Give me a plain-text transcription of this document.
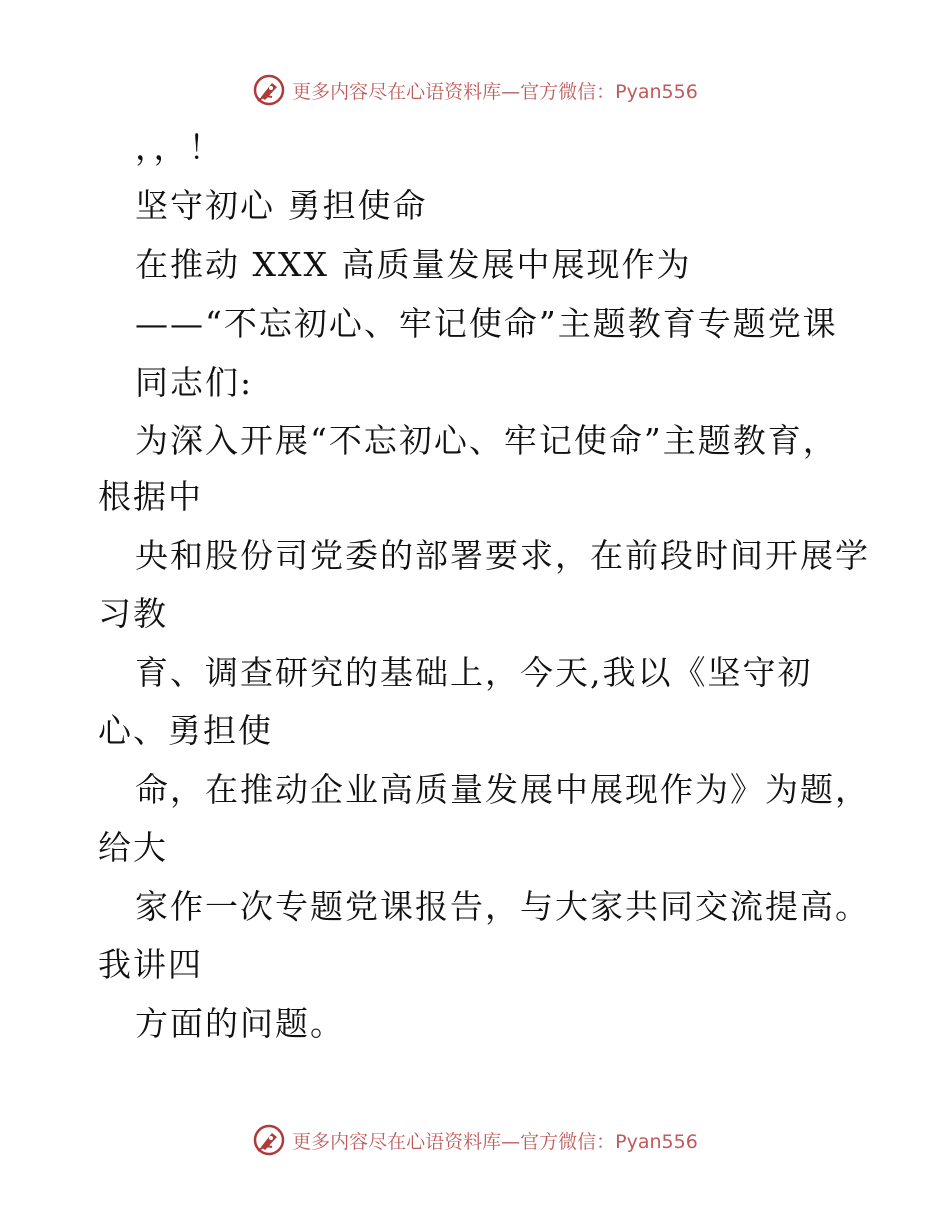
更多内容尽在心语资料库—官方微信：Pyan556
，，！
坚守初心 勇担使命
在推动 XXX 高质量发展中展现作为
——“不忘初心、牢记使命”主题教育专题党课
同志们:
为深入开展“不忘初心、牢记使命”主题教育，
根据中
央和股份司党委的部署要求，在前段时间开展学
习教
育、调查研究的基础上，今天,我以《坚守初
心、勇担使
命，在推动企业高质量发展中展现作为》为题，
给大
家作一次专题党课报告，与大家共同交流提高。
我讲四
方面的问题。
更多内容尽在心语资料库—官方微信：Pyan556
